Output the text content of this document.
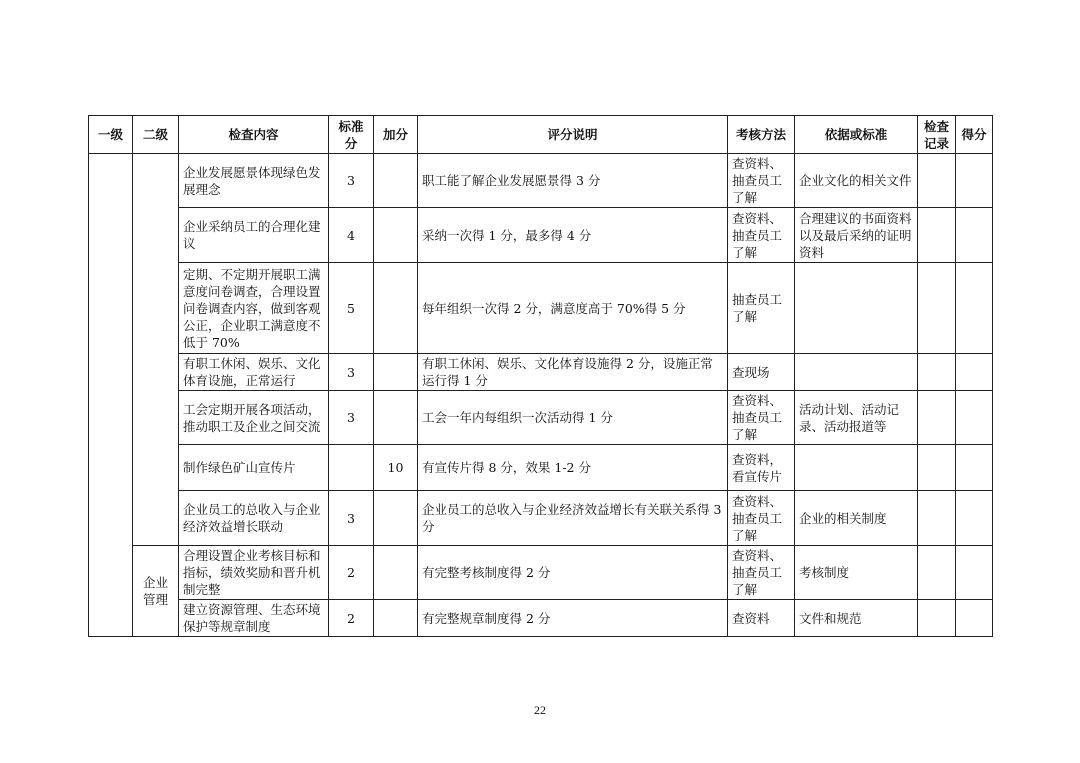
一级	二级	检查内容	标准分	加分	评分说明	考核方法	依据或标准	检查记录	得分
		企业发展愿景体现绿色发展理念	3		职工能了解企业发展愿景得 3 分	查资料、抽查员工了解	企业文化的相关文件		
		企业采纳员工的合理化建议	4		采纳一次得 1 分，最多得 4 分	查资料、抽查员工了解	合理建议的书面资料以及最后采纳的证明资料		
		定期、不定期开展职工满意度问卷调查，合理设置问卷调查内容，做到客观公正，企业职工满意度不低于 70%	5		每年组织一次得 2 分，满意度高于 70%得 5 分	抽查员工了解			
		有职工休闲、娱乐、文化体育设施，正常运行	3		有职工休闲、娱乐、文化体育设施得 2 分，设施正常运行得 1 分	查现场			
		工会定期开展各项活动，推动职工及企业之间交流	3		工会一年内每组织一次活动得 1 分	查资料、抽查员工了解	活动计划、活动记录、活动报道等		
		制作绿色矿山宣传片		10	有宣传片得 8 分，效果 1-2 分	查资料，看宣传片			
		企业员工的总收入与企业经济效益增长联动	3		企业员工的总收入与企业经济效益增长有关联关系得 3 分	查资料、抽查员工了解	企业的相关制度		
	企业管理	合理设置企业考核目标和指标，绩效奖励和晋升机制完整	2		有完整考核制度得 2 分	查资料、抽查员工了解	考核制度		
		建立资源管理、生态环境保护等规章制度	2		有完整规章制度得 2 分	查资料	文件和规范		
22
